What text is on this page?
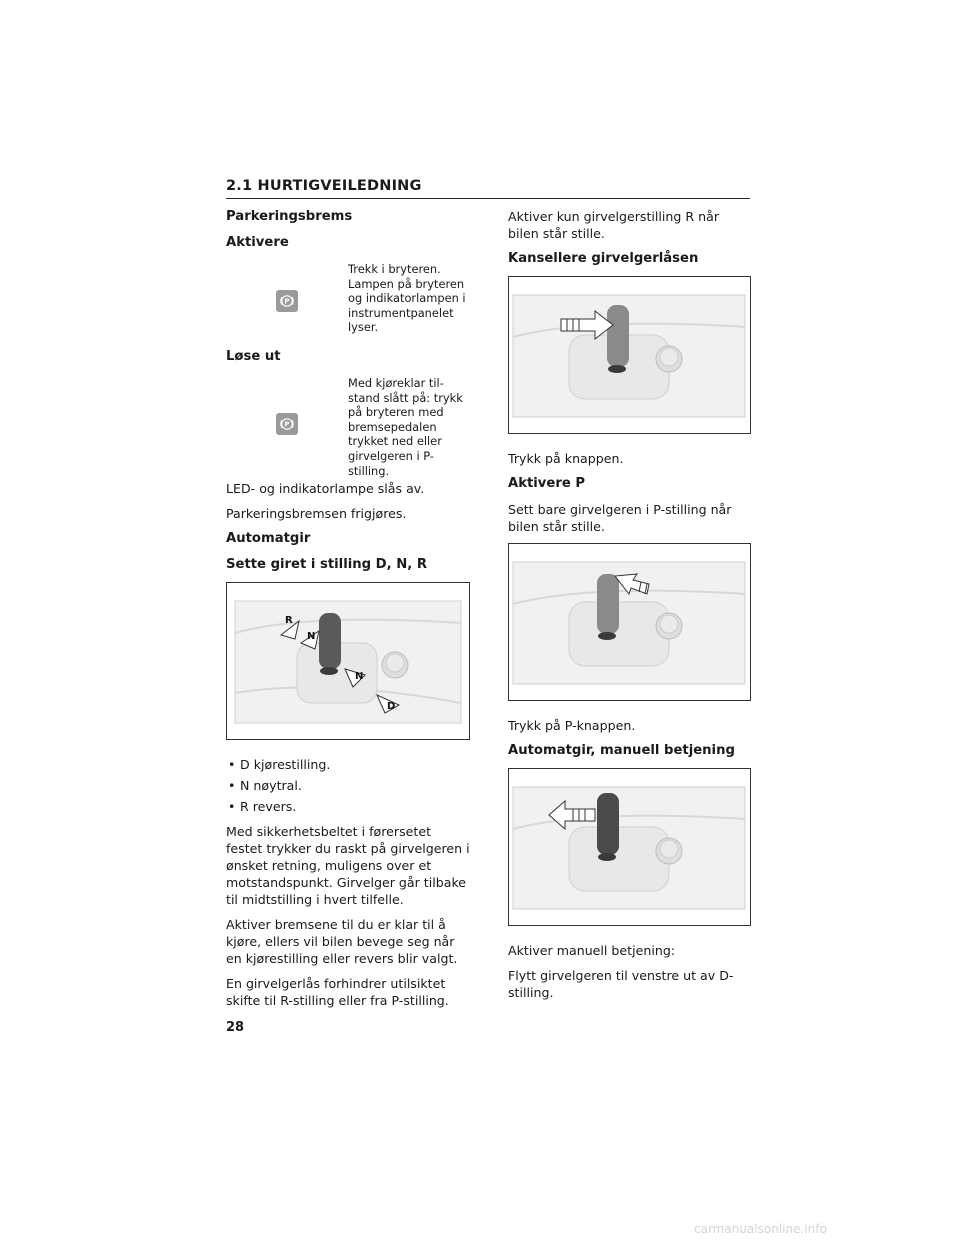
2.1 HURTIGVEILEDNING
Parkeringsbrems
Aktivere
P
Trekk i bryteren. Lampen på bryteren og indikatorlampen i instrumentpanelet lyser.
Løse ut
P
Med kjøreklar til-stand slått på: trykk på bryteren med bremsepedalen trykket ned eller girvelgeren i P-stilling.

LED- og indikatorlampe slås av.

Parkeringsbremsen frigjøres.

Automatgir
Sette giret i stilling D, N, R
R
N
N
D
• D kjørestilling.
• N nøytral.
• R revers.

Med sikkerhetsbeltet i førersetet festet trykker du raskt på girvelgeren i ønsket retning, muligens over et motstandspunkt. Girvelger går tilbake til midtstilling i hvert tilfelle.

Aktiver bremsene til du er klar til å kjøre, ellers vil bilen bevege seg når en kjørestilling eller revers blir valgt.

En girvelgerlås forhindrer utilsiktet skifte til R-stilling eller fra P-stilling.

Aktiver kun girvelgerstilling R når bilen står stille.

Kansellere girvelgerlåsen

Trykk på knappen.

Aktivere P

Sett bare girvelgeren i P-stilling når bilen står stille.

Trykk på P-knappen.

Automatgir, manuell betjening

Aktiver manuell betjening:

Flytt girvelgeren til venstre ut av D-stilling.

28
carmanualsonline.info
